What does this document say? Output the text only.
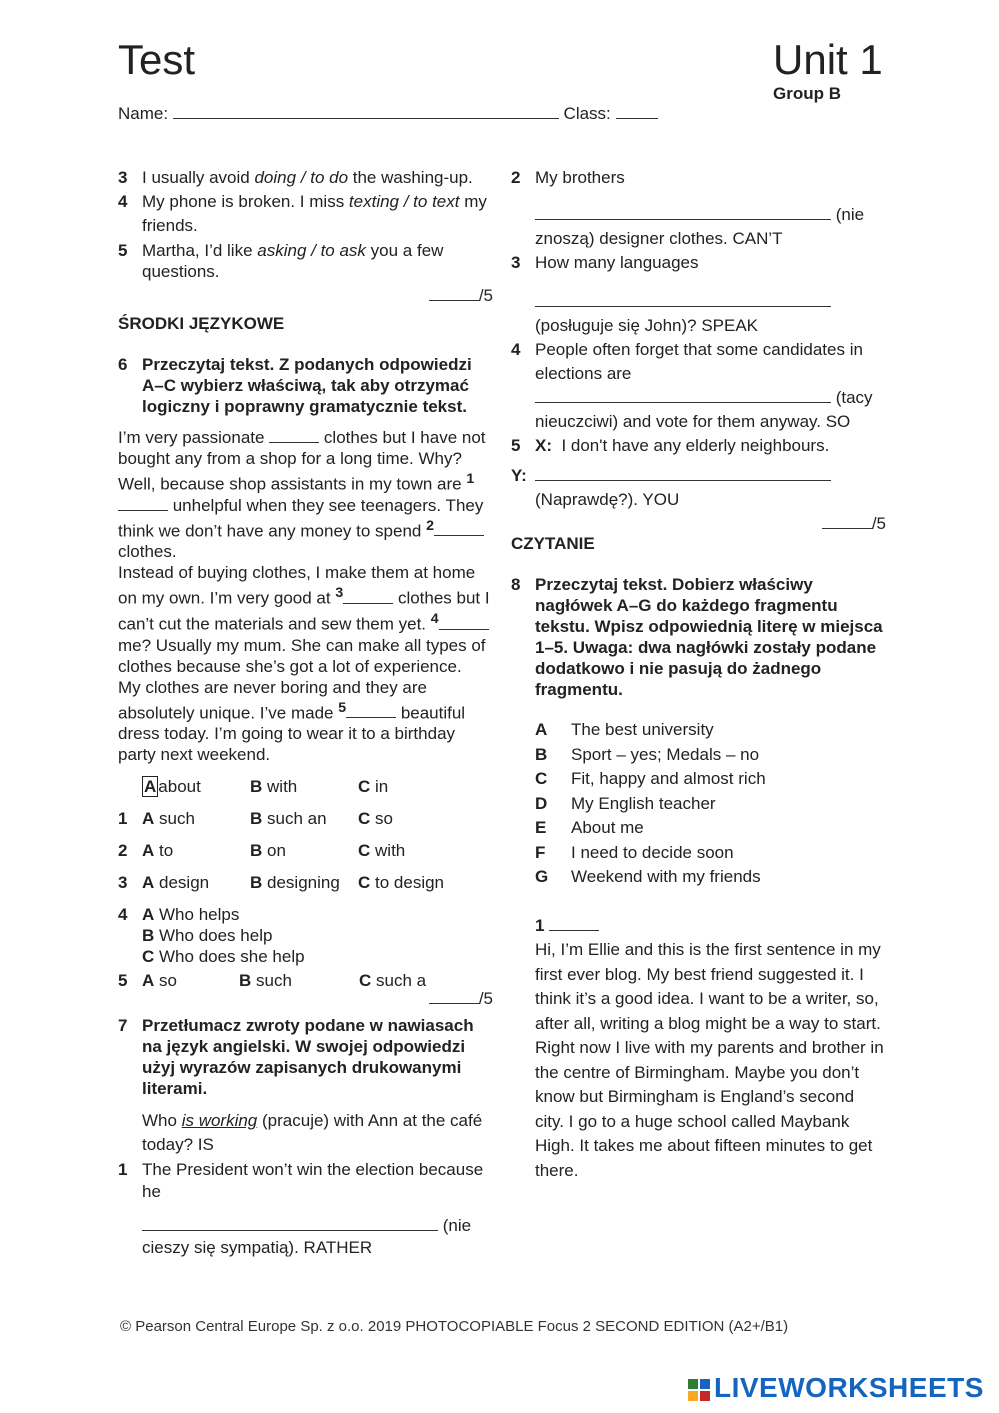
Test	Unit 1
Group B
Name:	Class:
3 I usually avoid doing / to do the washing-up.
4 My phone is broken. I miss texting / to text my friends.
5 Martha, I’d like asking / to ask you a few questions.
/5
ŚRODKI JĘZYKOWE
6 Przeczytaj tekst. Z podanych odpowiedzi A–C wybierz właściwą, tak aby otrzymać logiczny i poprawny gramatycznie tekst.
I’m very passionate	clothes but I have not bought any from a shop for a long time. Why? Well, because shop assistants in my town are $^1$ unhelpful when they see teenagers. They think we don’t have any money to spend $^2$ clothes.
Instead of buying clothes, I make them at home on my own. I’m very good at $^3$	clothes but I can’t cut the materials and sew them yet. $^4$ me? Usually my mum. She can make all types of clothes because she’s got a lot of experience.
My clothes are never boring and they are absolutely unique. I’ve made $^5$	beautiful dress today. I’m going to wear it to a birthday party next weekend.
A about	B with	C in
1 A such	B such an	C so
2 A to	B on	C with
3 A design	B designing	C to design
4 A Who helps
B Who does help
C Who does she help
5 A so	B such	C such a
/5
7 Przetłumacz zwroty podane w nawiasach na język angielski. W swojej odpowiedzi użyj wyrazów zapisanych drukowanymi literami.
Who is working (pracuje) with Ann at the café today? IS
1 The President won’t win the election because he
(nie
cieszy się sympatią). RATHER
2 My brothers
(nie
znoszą) designer clothes. CAN’T
3 How many languages

(posługuje się John)? SPEAK
4 People often forget that some candidates in elections are
(tacy
nieuczciwi) and vote for them anyway. SO
5 X: I don't have any elderly neighbours.
Y:

(Naprawdę?). YOU
/5
CZYTANIE
8 Przeczytaj tekst. Dobierz właściwy nagłówek A–G do każdego fragmentu tekstu. Wpisz odpowiednią literę w miejsca 1–5. Uwaga: dwa nagłówki zostały podane dodatkowo i nie pasują do żadnego fragmentu.
A	The best university
B	Sport – yes; Medals – no
C	Fit, happy and almost rich
D	My English teacher
E	About me
F	I need to decide soon
G	Weekend with my friends
1
Hi, I’m Ellie and this is the first sentence in my first ever blog. My best friend suggested it. I think it’s a good idea. I want to be a writer, so, after all, writing a blog might be a way to start. Right now I live with my parents and brother in the centre of Birmingham. Maybe you don’t know but Birmingham is England’s second city. I go to a huge school called Maybank High. It takes me about fifteen minutes to get there.
© Pearson Central Europe Sp. z o.o. 2019 PHOTOCOPIABLE Focus 2 SECOND EDITION (A2+/B1)
LIVEWORKSHEETS
